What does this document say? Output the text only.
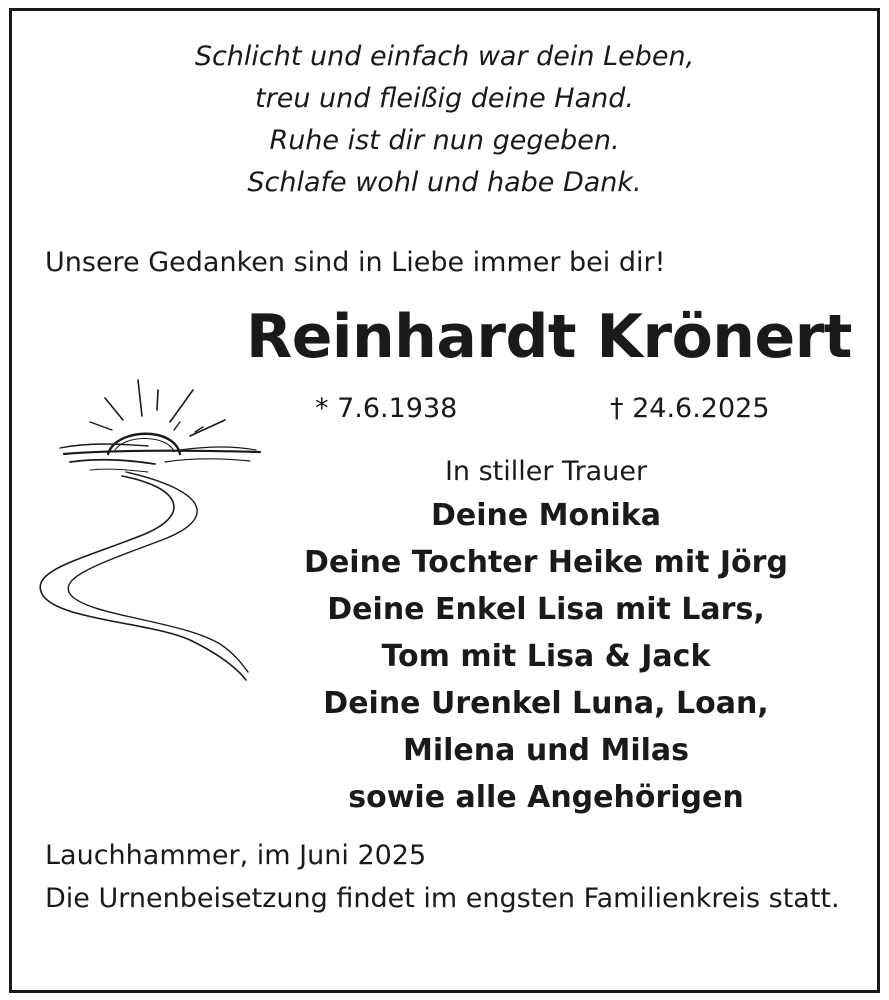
Schlicht und einfach war dein Leben,
treu und fleißig deine Hand.
Ruhe ist dir nun gegeben.
Schlafe wohl und habe Dank.
Unsere Gedanken sind in Liebe immer bei dir!
Reinhardt Krönert
* 7.6.1938	† 24.6.2025
In stiller Trauer
Deine Monika
Deine Tochter Heike mit Jörg
Deine Enkel Lisa mit Lars,
Tom mit Lisa & Jack
Deine Urenkel Luna, Loan,
Milena und Milas
sowie alle Angehörigen
Lauchhammer, im Juni 2025
Die Urnenbeisetzung findet im engsten Familienkreis statt.
